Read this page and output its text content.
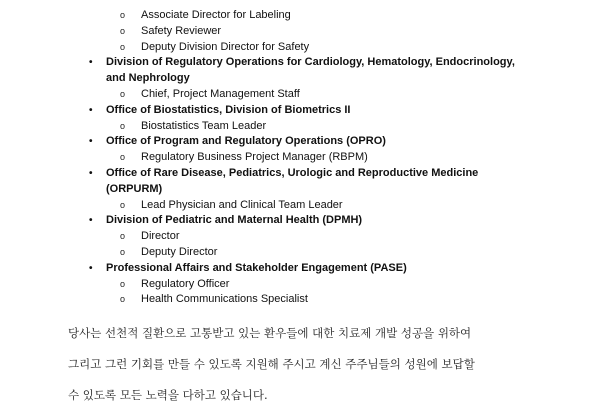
o Associate Director for Labeling
o Safety Reviewer
o Deputy Division Director for Safety
• Division of Regulatory Operations for Cardiology, Hematology, Endocrinology, and Nephrology
o Chief, Project Management Staff
• Office of Biostatistics, Division of Biometrics II
o Biostatistics Team Leader
• Office of Program and Regulatory Operations (OPRO)
o Regulatory Business Project Manager (RBPM)
• Office of Rare Disease, Pediatrics, Urologic and Reproductive Medicine (ORPURM)
o Lead Physician and Clinical Team Leader
• Division of Pediatric and Maternal Health (DPMH)
o Director
o Deputy Director
• Professional Affairs and Stakeholder Engagement (PASE)
o Regulatory Officer
o Health Communications Specialist
당사는 선천적 질환으로 고통받고 있는 환우들에 대한 치료제 개발 성공을 위하여
그리고 그런 기회를 만들 수 있도록 지원해 주시고 계신 주주님들의 성원에 보답할
수 있도록 모든 노력을 다하고 있습니다.
